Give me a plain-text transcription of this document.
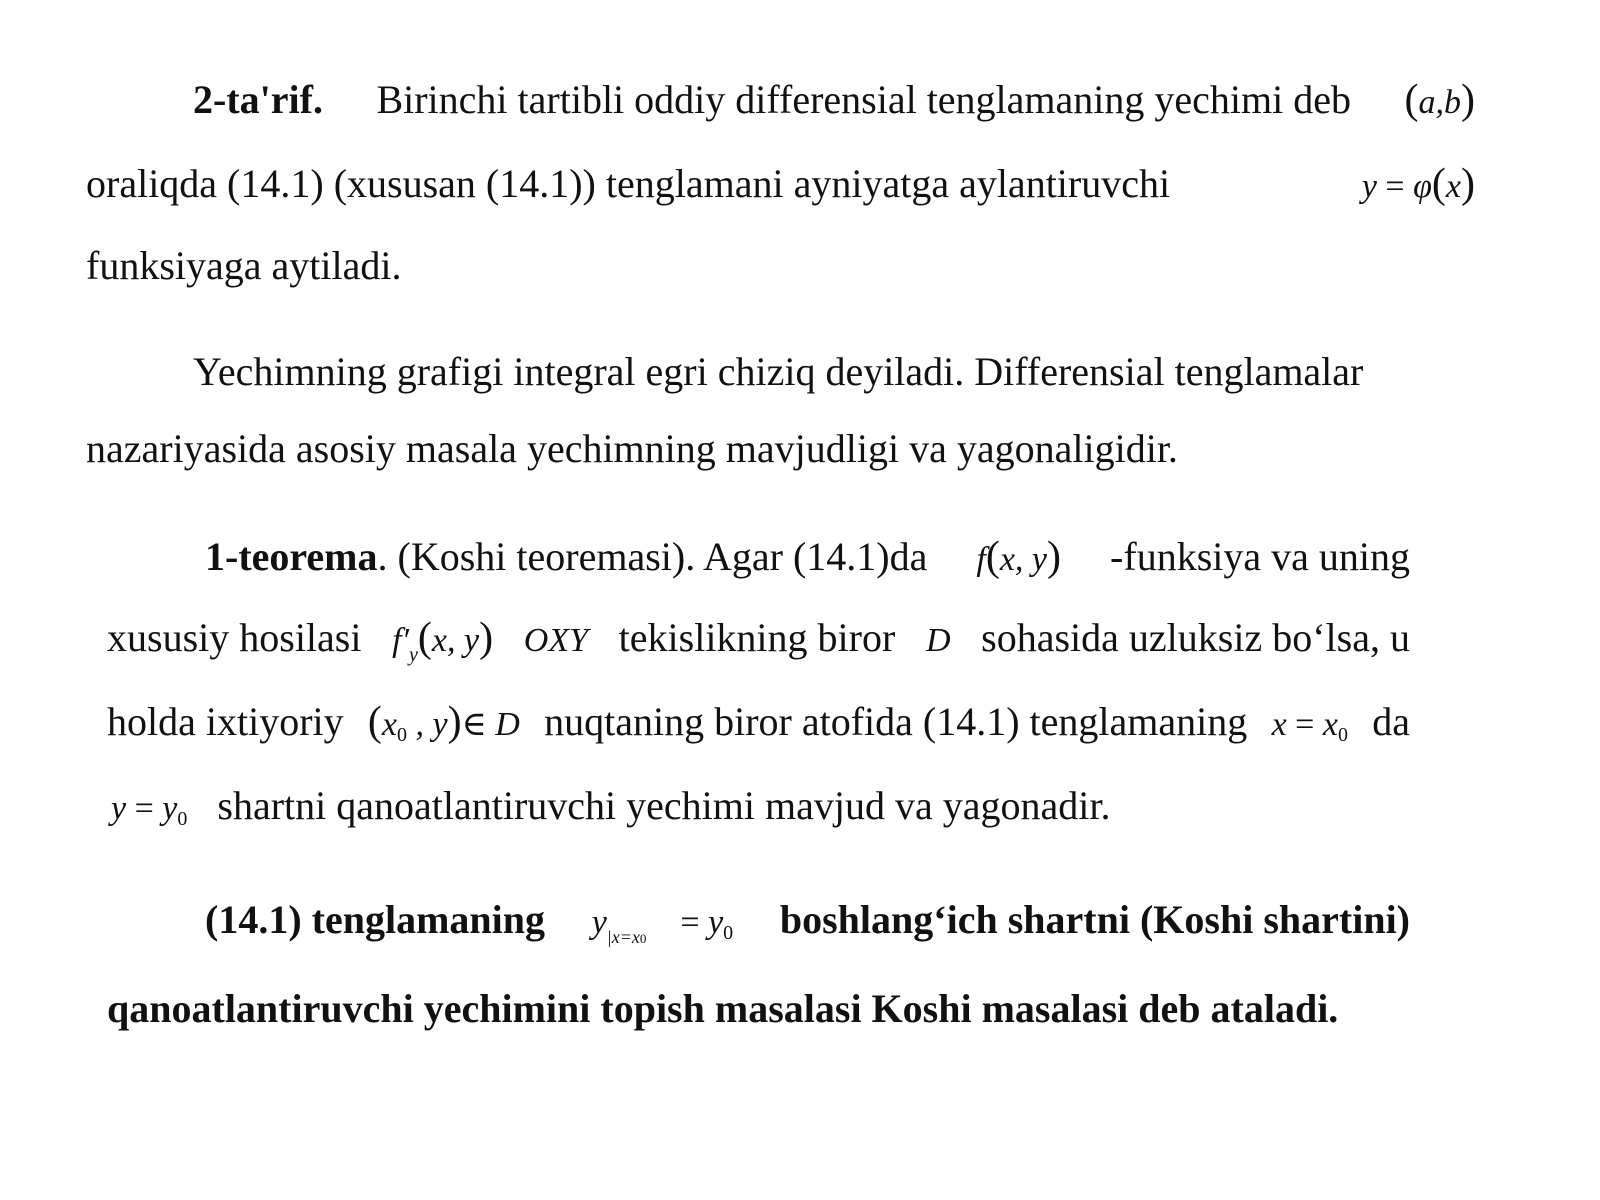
2-ta'rif. Birinchi tartibli oddiy differensial tenglamaning yechimi deb (a,b)
oraliqda (14.1) (xususan (14.1)) tenglamani ayniyatga aylantiruvchi	y = φ(x)
funksiyaga aytiladi.
Yechimning grafigi integral egri chiziq deyiladi. Differensial tenglamalar
nazariyasida asosiy masala yechimning mavjudligi va yagonaligidir.
1-teorema. (Koshi teoremasi). Agar (14.1)da f(x, y) -funksiya va uning
xususiy hosilasi $f'_y(x$, y) OXY tekislikning biror D sohasida uzluksiz bo‘lsa, u
holda ixtiyoriy ($x_0$ , y)∈ D nuqtaning biror atofida (14.1) tenglamaning $x = x_0$ da
$y = y_0$ shartni qanoatlantiruvchi yechimi mavjud va yagonadir.
(14.1) tenglamaning $y_{|x=x0} = y_0$ boshlang‘ich shartni (Koshi shartini)
qanoatlantiruvchi yechimini topish masalasi Koshi masalasi deb ataladi.
